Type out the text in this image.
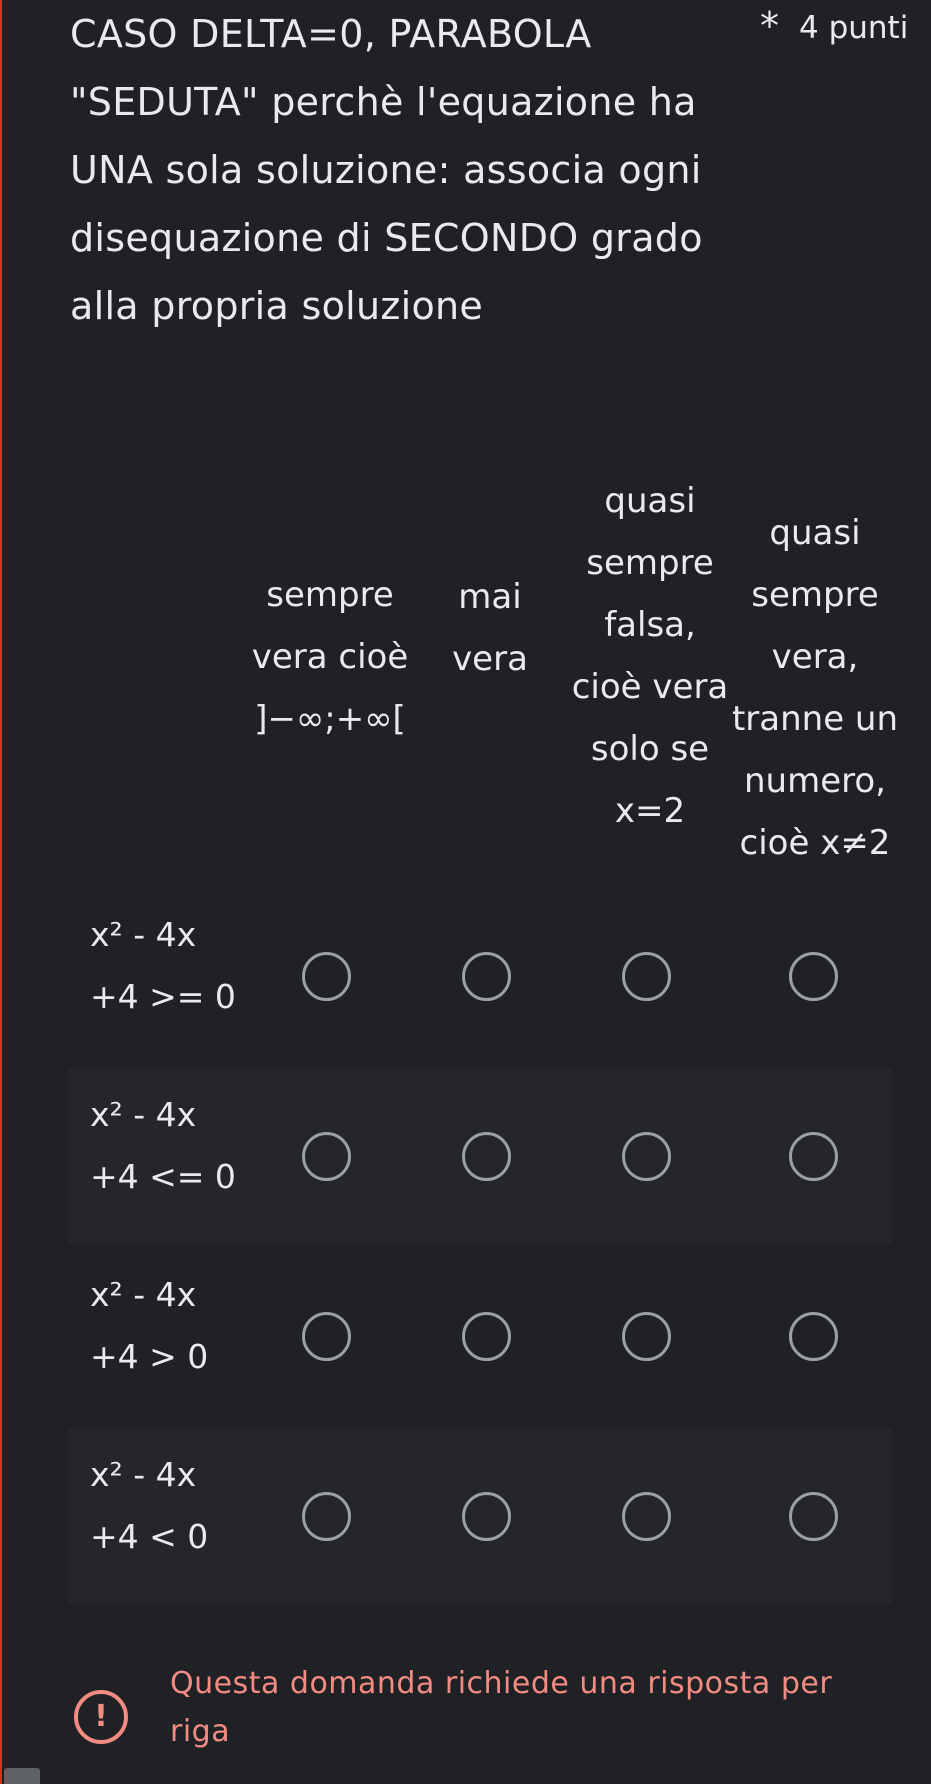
CASO DELTA=0, PARABOLA "SEDUTA" perchè l'equazione ha UNA sola soluzione: associa ogni disequazione di SECONDO grado alla propria soluzione
* 4 punti
sempre vera cioè ]−∞;+∞[
mai vera
quasi sempre falsa, cioè vera solo se x=2
quasi sempre vera, tranne un numero, cioè x≠2
x² - 4x +4 >= 0
x² - 4x +4 <= 0
x² - 4x +4 > 0
x² - 4x +4 < 0
!
Questa domanda richiede una risposta per riga
